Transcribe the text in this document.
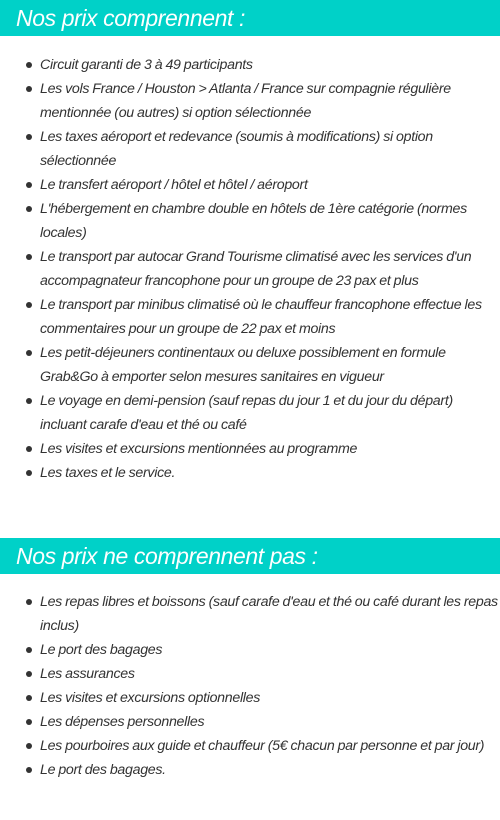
Nos prix comprennent :
Circuit garanti de 3 à 49 participants
Les vols France / Houston > Atlanta / France sur compagnie régulière mentionnée (ou autres) si option sélectionnée
Les taxes aéroport et redevance (soumis à modifications) si option sélectionnée
Le transfert aéroport / hôtel et hôtel / aéroport
L'hébergement en chambre double en hôtels de 1ère catégorie (normes locales)
Le transport par autocar Grand Tourisme climatisé avec les services d'un accompagnateur francophone pour un groupe de 23 pax et plus
Le transport par minibus climatisé où le chauffeur francophone effectue les commentaires pour un groupe de 22 pax et moins
Les petit-déjeuners continentaux ou deluxe possiblement en formule Grab&Go à emporter selon mesures sanitaires en vigueur
Le voyage en demi-pension (sauf repas du jour 1 et du jour du départ) incluant carafe d'eau et thé ou café
Les visites et excursions mentionnées au programme
Les taxes et le service.
Nos prix ne comprennent pas :
Les repas libres et boissons (sauf carafe d'eau et thé ou café durant les repas inclus)
Le port des bagages
Les assurances
Les visites et excursions optionnelles
Les dépenses personnelles
Les pourboires aux guide et chauffeur (5€ chacun par personne et par jour)
Le port des bagages.
